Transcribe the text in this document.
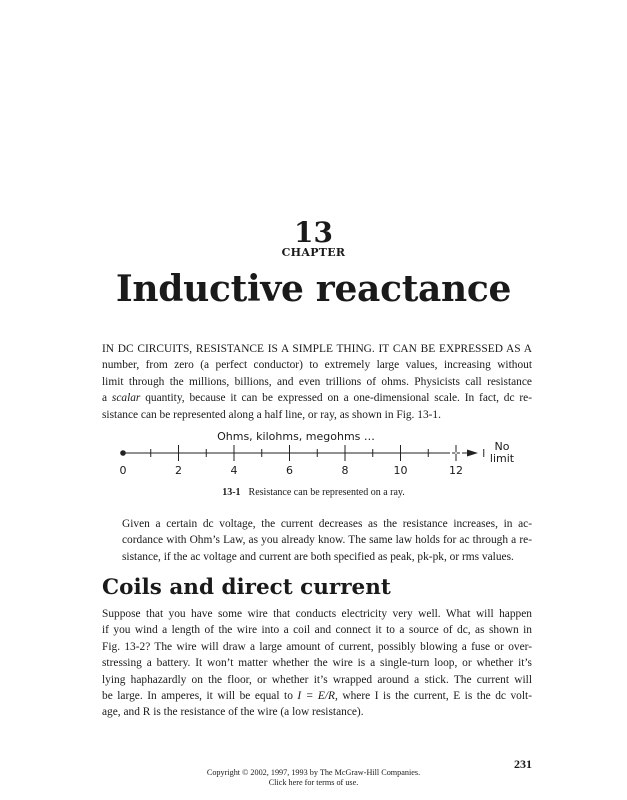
13
CHAPTER
Inductive reactance
IN DC CIRCUITS, RESISTANCE IS A SIMPLE THING. IT CAN BE EXPRESSED AS A
number, from zero (a perfect conductor) to extremely large values, increasing without
limit through the millions, billions, and even trillions of ohms. Physicists call resistance
a scalar quantity, because it can be expressed on a one-dimensional scale. In fact, dc re-
sistance can be represented along a half line, or ray, as shown in Fig. 13-1.
Ohms, kilohms, megohms …
0	2	4	6	8	10	12
No
limit
13-1 Resistance can be represented on a ray.
Given a certain dc voltage, the current decreases as the resistance increases, in ac-
cordance with Ohm’s Law, as you already know. The same law holds for ac through a re-
sistance, if the ac voltage and current are both specified as peak, pk-pk, or rms values.
Coils and direct current
Suppose that you have some wire that conducts electricity very well. What will happen
if you wind a length of the wire into a coil and connect it to a source of dc, as shown in
Fig. 13-2? The wire will draw a large amount of current, possibly blowing a fuse or over-
stressing a battery. It won’t matter whether the wire is a single-turn loop, or whether it’s
lying haphazardly on the floor, or whether it’s wrapped around a stick. The current will
be large. In amperes, it will be equal to I = E/R, where I is the current, E is the dc volt-
age, and R is the resistance of the wire (a low resistance).
231
Copyright © 2002, 1997, 1993 by The McGraw-Hill Companies.
Click here for terms of use.
